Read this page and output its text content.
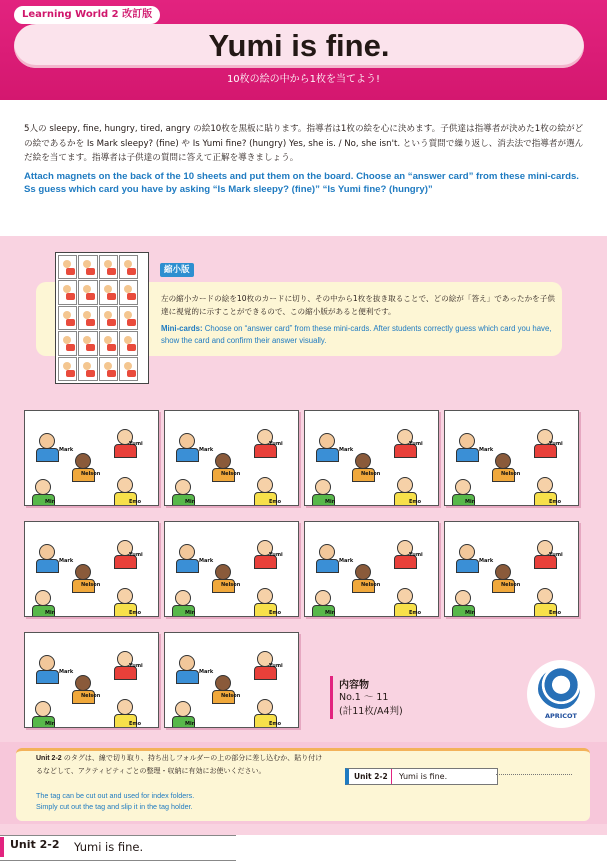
Learning World 2 改訂版
Yumi is fine.
10枚の絵の中から1枚を当てよう!
5人の sleepy, fine, hungry, tired, angry の絵10枚を黒板に貼ります。指導者は1枚の絵を心に決めます。子供達は指導者が決めた1枚の絵がどの絵であるかを Is Mark sleepy? (fine) や Is Yumi fine? (hungry) Yes, she is. / No, she isn't. という質問で繰り返し、消去法で指導者が選んだ絵を当てます。指導者は子供達の質問に答えて正解を導きましょう。
Attach magnets on the back of the 10 sheets and put them on the board. Choose an “answer card” from these mini-cards. Ss guess which card you have by asking “Is Mark sleepy? (fine)” “Is Yumi fine? (hungry)”
縮小版
左の縮小カードの絵を10枚のカードに切り、その中から1枚を抜き取ることで、どの絵が「答え」であったかを子供達に視覚的に示すことができるので、この縮小版があると便利です。
Mini-cards: Choose on “answer card” from these mini-cards. After students correctly guess which card you have, show the card and confirm their answer visually.
Mark
Yumi
Nelson
Min	Emo
Mark
Yumi
Nelson
Min	Emo
Mark
Yumi
Nelson
Min	Emo
Mark
Yumi
Nelson
Min	Emo
Mark
Yumi
Nelson
Min	Emo
Mark
Yumi
Nelson
Min	Emo
Mark
Yumi
Nelson
Min	Emo
Mark
Yumi
Nelson
Min	Emo
Mark
Yumi
Nelson
Min	Emo
Mark
Yumi
Nelson
Min	Emo
内容物
No.1 ～ 11
(計11枚/A4判)	APRICOT
Unit 2-2 のタグは、線で切り取り、持ち出しフォルダーの上の部分に差し込むか、貼り付けるなどして、アクティビティごとの整理・収納に有効にお使いください。
The tag can be cut out and used for index folders.
Simply cut out the tag and slip it in the tag holder.
Unit 2-2	Yumi is fine.
Unit 2-2 Yumi is fine.
